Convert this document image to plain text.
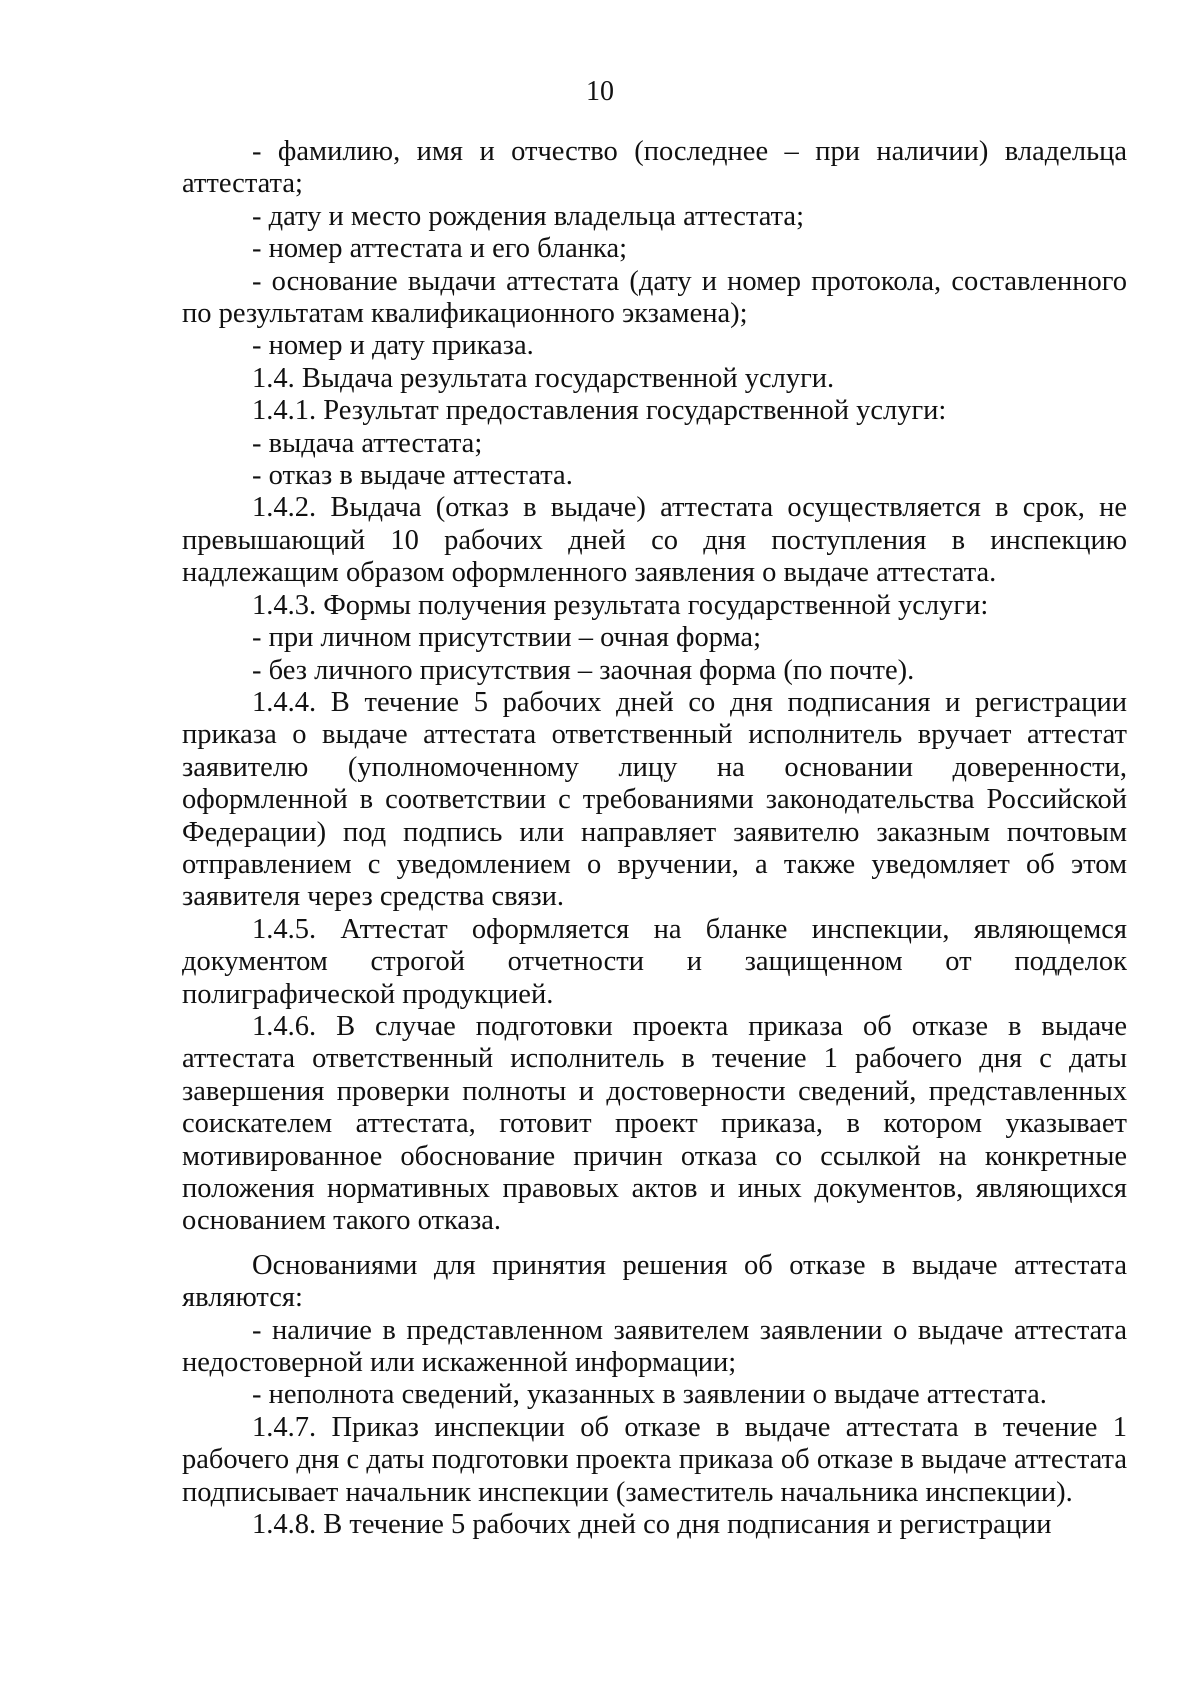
10

- фамилию, имя и отчество (последнее – при наличии) владельца аттестата;

- дату и место рождения владельца аттестата;

- номер аттестата и его бланка;

- основание выдачи аттестата (дату и номер протокола, составленного по результатам квалификационного экзамена);

- номер и дату приказа.

1.4. Выдача результата государственной услуги.

1.4.1. Результат предоставления государственной услуги:

- выдача аттестата;

- отказ в выдаче аттестата.

1.4.2. Выдача (отказ в выдаче) аттестата осуществляется в срок, не превышающий 10 рабочих дней со дня поступления в инспекцию надлежащим образом оформленного заявления о выдаче аттестата.

1.4.3. Формы получения результата государственной услуги:

- при личном присутствии – очная форма;

- без личного присутствия – заочная форма (по почте).

1.4.4. В течение 5 рабочих дней со дня подписания и регистрации приказа о выдаче аттестата ответственный исполнитель вручает аттестат заявителю (уполномоченному лицу на основании доверенности, оформленной в соответствии с требованиями законодательства Российской Федерации) под подпись или направляет заявителю заказным почтовым отправлением с уведомлением о вручении, а также уведомляет об этом заявителя через средства связи.

1.4.5. Аттестат оформляется на бланке инспекции, являющемся документом строгой отчетности и защищенном от подделок полиграфической продукцией.

1.4.6. В случае подготовки проекта приказа об отказе в выдаче аттестата ответственный исполнитель в течение 1 рабочего дня с даты завершения проверки полноты и достоверности сведений, представленных соискателем аттестата, готовит проект приказа, в котором указывает мотивированное обоснование причин отказа со ссылкой на конкретные положения нормативных правовых актов и иных документов, являющихся основанием такого отказа.

Основаниями для принятия решения об отказе в выдаче аттестата являются:

- наличие в представленном заявителем заявлении о выдаче аттестата недостоверной или искаженной информации;

- неполнота сведений, указанных в заявлении о выдаче аттестата.

1.4.7. Приказ инспекции об отказе в выдаче аттестата в течение 1 рабочего дня с даты подготовки проекта приказа об отказе в выдаче аттестата подписывает начальник инспекции (заместитель начальника инспекции).

1.4.8. В течение 5 рабочих дней со дня подписания и регистрации
